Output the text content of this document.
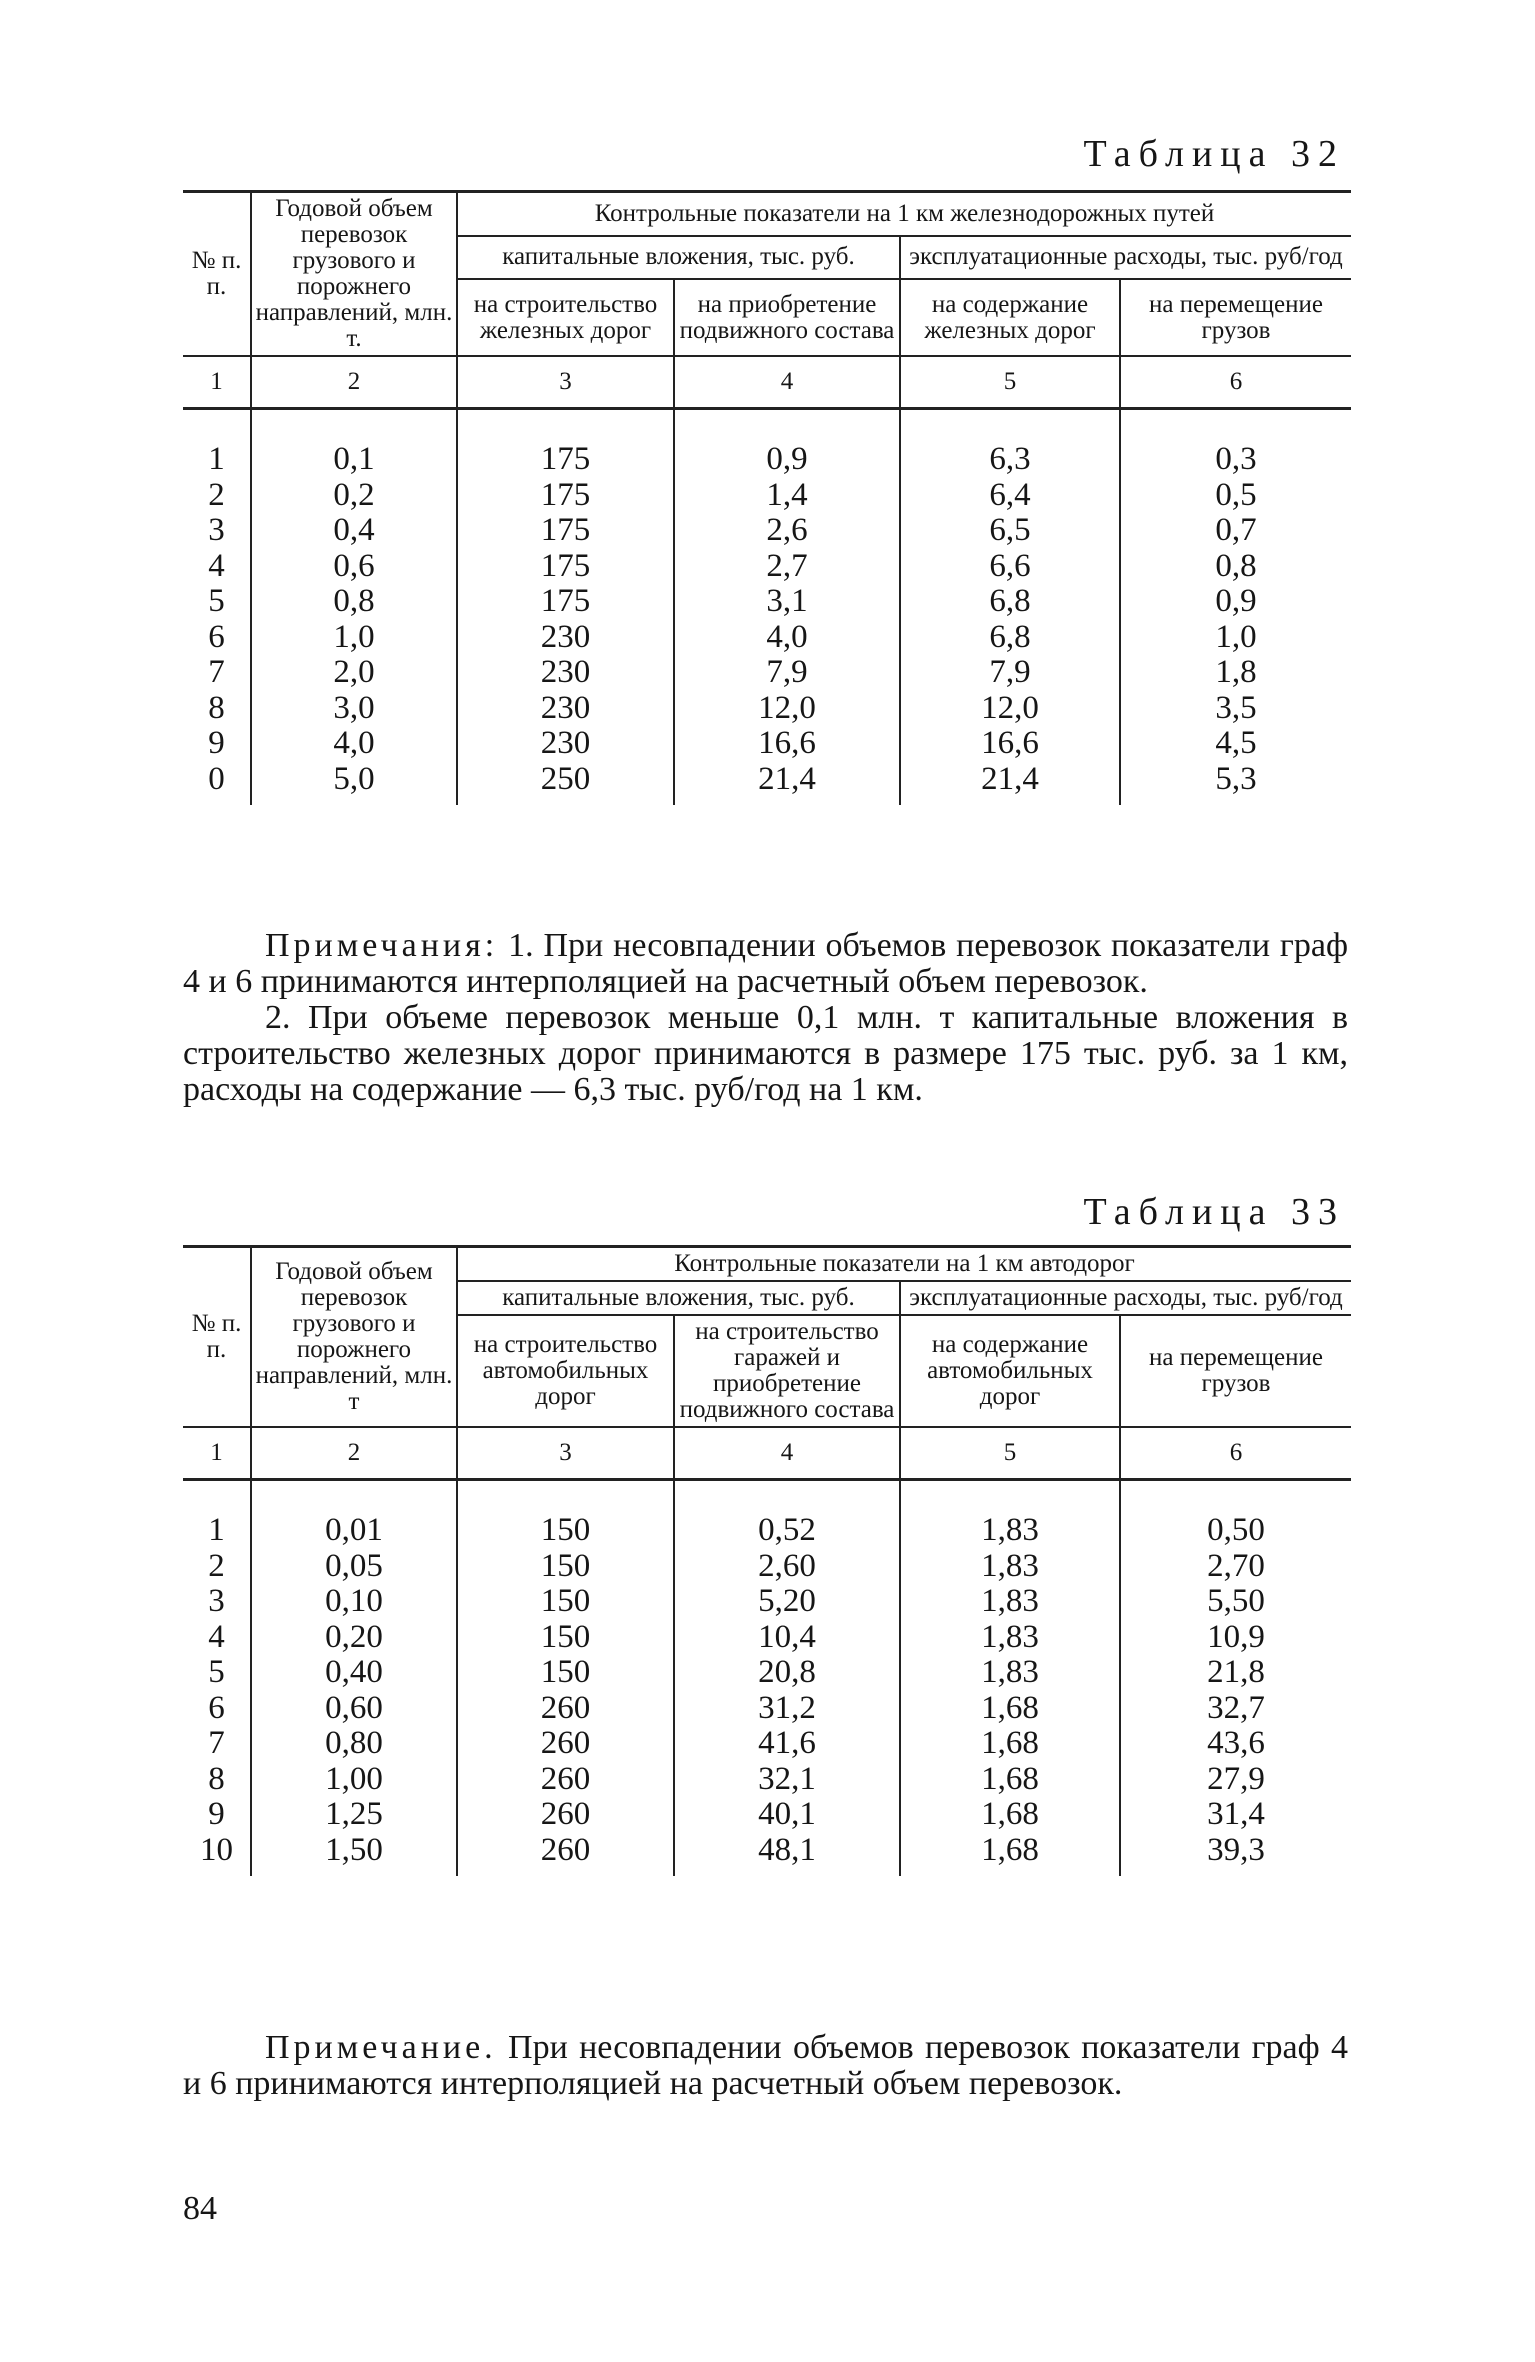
Таблица 32
№ п. п.	Годовой объем перевозок грузового и порожнего направлений, млн. т.	Контрольные показатели на 1 км железнодорожных путей			
		капитальные вложения, тыс. руб.		эксплуатационные расходы, тыс. руб/год	
		на строительство железных дорог	на приобретение подвижного состава	на содержание железных дорог	на перемещение грузов
1	2	3	4	5	6
1	0,1	175	0,9	6,3	0,3
2	0,2	175	1,4	6,4	0,5
3	0,4	175	2,6	6,5	0,7
4	0,6	175	2,7	6,6	0,8
5	0,8	175	3,1	6,8	0,9
6	1,0	230	4,0	6,8	1,0
7	2,0	230	7,9	7,9	1,8
8	3,0	230	12,0	12,0	3,5
9	4,0	230	16,6	16,6	4,5
0	5,0	250	21,4	21,4	5,3

Примечания: 1. При несовпадении объемов перевозок показатели граф 4 и 6 принимаются интерполяцией на расчетный объем перевозок.

2. При объеме перевозок меньше 0,1 млн. т капитальные вложения в строительство железных дорог принимаются в размере 175 тыс. руб. за 1 км, расходы на содержание — 6,3 тыс. руб/год на 1 км.

Таблица 33
№ п. п.	Годовой объем перевозок грузового и порожнего направлений, млн. т	Контрольные показатели на 1 км автодорог			
		капитальные вложения, тыс. руб.		эксплуатационные расходы, тыс. руб/год	
		на строительство автомобильных дорог	на строительство гаражей и приобретение подвижного состава	на содержание автомобильных дорог	на перемещение грузов
1	2	3	4	5	6
1	0,01	150	0,52	1,83	0,50
2	0,05	150	2,60	1,83	2,70
3	0,10	150	5,20	1,83	5,50
4	0,20	150	10,4	1,83	10,9
5	0,40	150	20,8	1,83	21,8
6	0,60	260	31,2	1,68	32,7
7	0,80	260	41,6	1,68	43,6
8	1,00	260	32,1	1,68	27,9
9	1,25	260	40,1	1,68	31,4
10	1,50	260	48,1	1,68	39,3

Примечание. При несовпадении объемов перевозок показатели граф 4 и 6 принимаются интерполяцией на расчетный объем перевозок.

84
